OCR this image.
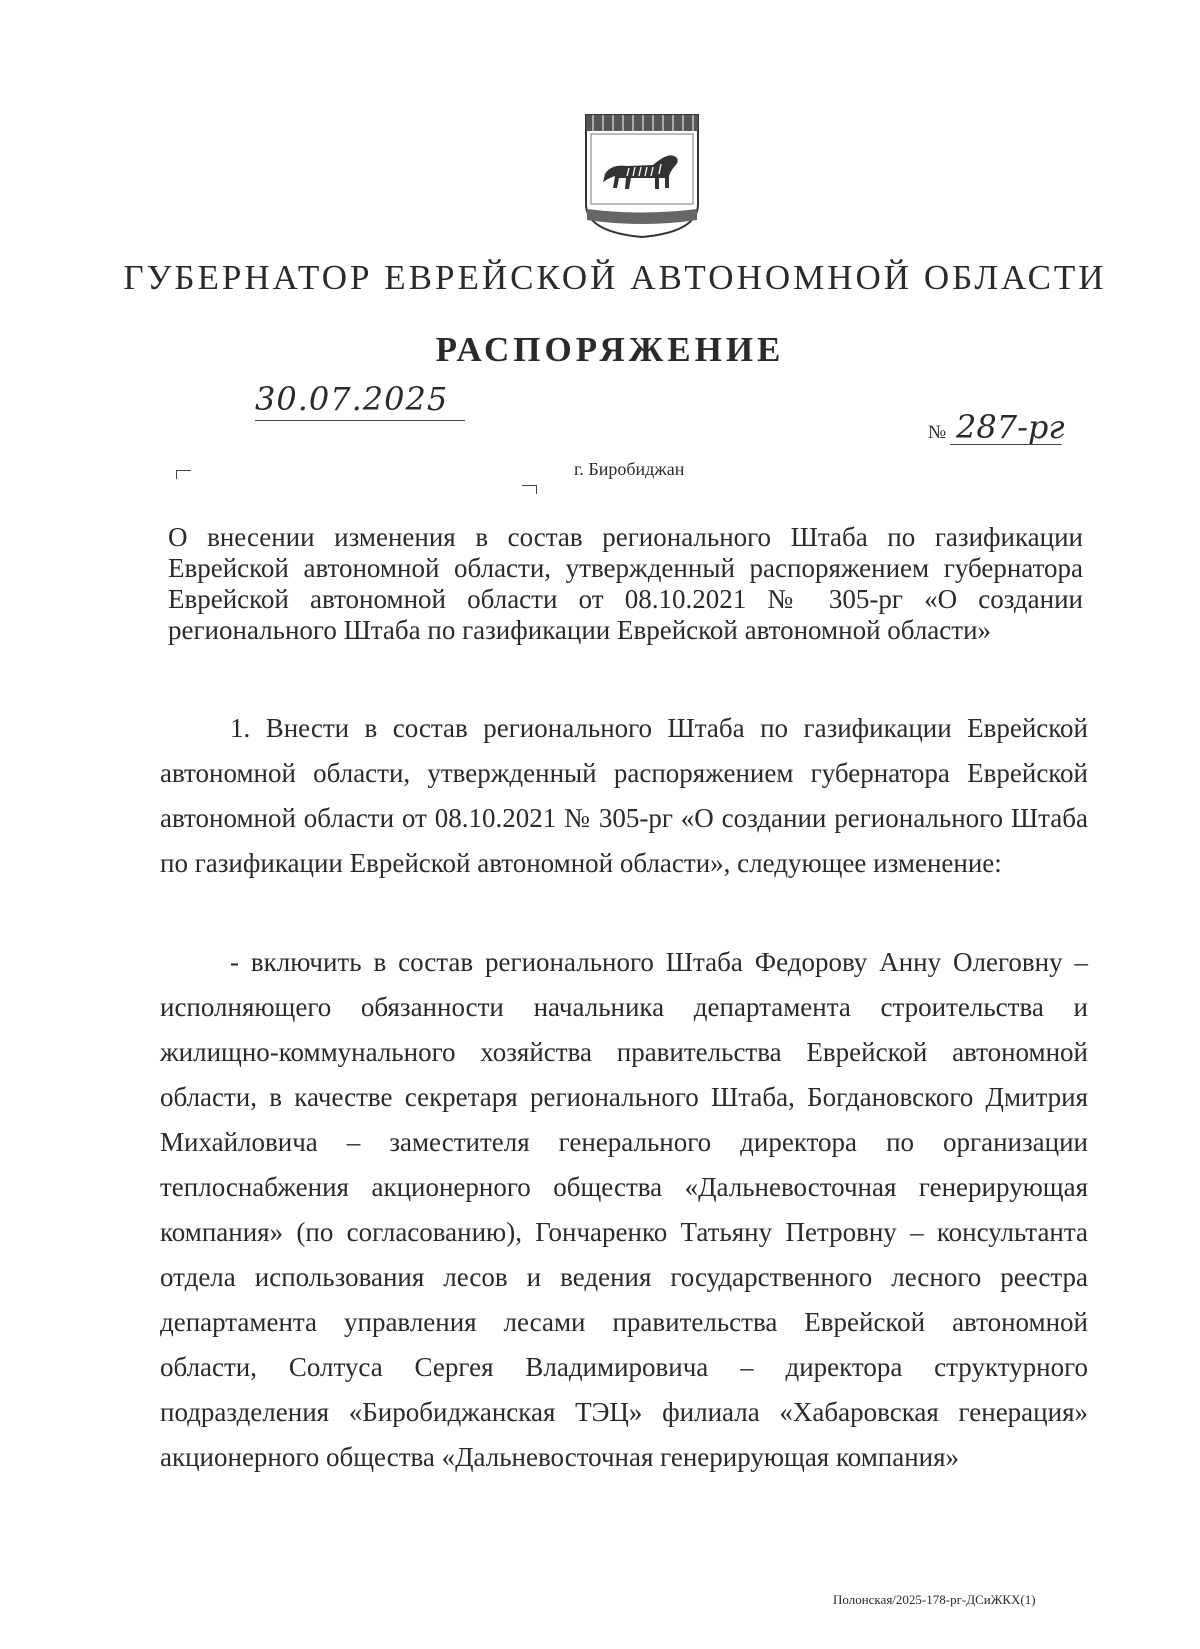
ГУБЕРНАТОР ЕВРЕЙСКОЙ АВТОНОМНОЙ ОБЛАСТИ
РАСПОРЯЖЕНИЕ
30.07.2025
№ 287-рг
г. Биробиджан
О внесении изменения в состав регионального Штаба по газификации Еврейской автономной области, утвержденный распоряжением губернатора Еврейской автономной области от 08.10.2021 № 305-рг «О создании регионального Штаба по газификации Еврейской автономной области»
1. Внести в состав регионального Штаба по газификации Еврейской автономной области, утвержденный распоряжением губернатора Еврейской автономной области от 08.10.2021 № 305-рг «О создании регионального Штаба по газификации Еврейской автономной области», следующее изменение:
- включить в состав регионального Штаба Федорову Анну Олеговну – исполняющего обязанности начальника департамента строительства и жилищно-коммунального хозяйства правительства Еврейской автономной области, в качестве секретаря регионального Штаба, Богдановского Дмитрия Михайловича – заместителя генерального директора по организации теплоснабжения акционерного общества «Дальневосточная генерирующая компания» (по согласованию), Гончаренко Татьяну Петровну – консультанта отдела использования лесов и ведения государственного лесного реестра департамента управления лесами правительства Еврейской автономной области, Солтуса Сергея Владимировича – директора структурного подразделения «Биробиджанская ТЭЦ» филиала «Хабаровская генерация» акционерного общества «Дальневосточная генерирующая компания»
Полонская/2025-178-рг-ДСиЖКХ(1)
